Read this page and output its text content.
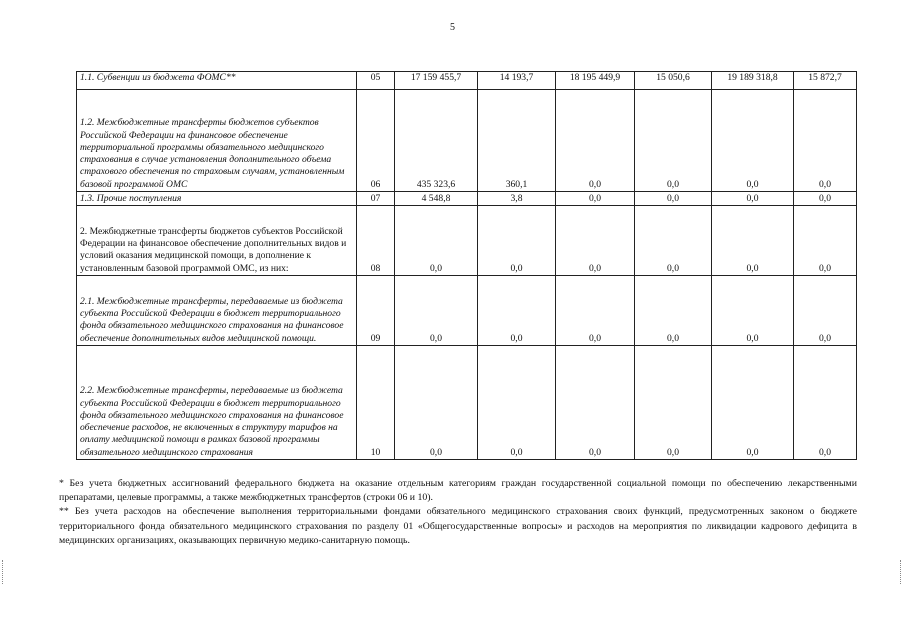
5
1.1. Субвенции из бюджета ФОМС**	05	17 159 455,7	14 193,7	18 195 449,9	15 050,6	19 189 318,8	15 872,7
1.2. Межбюджетные трансферты бюджетов субъектов Российской Федерации на финансовое обеспечение территориальной программы обязательного медицинского страхования в случае установления дополнительного объема страхового обеспечения по страховым случаям, установленным базовой программой ОМС	06	435 323,6	360,1	0,0	0,0	0,0	0,0
1.3. Прочие поступления	07	4 548,8	3,8	0,0	0,0	0,0	0,0
2. Межбюджетные трансферты бюджетов субъектов Российской Федерации на финансовое обеспечение дополнительных видов и условий оказания медицинской помощи, в дополнение к установленным базовой программой ОМС, из них:	08	0,0	0,0	0,0	0,0	0,0	0,0
2.1. Межбюджетные трансферты, передаваемые из бюджета субъекта Российской Федерации в бюджет территориального фонда обязательного медицинского страхования на финансовое обеспечение дополнительных видов медицинской помощи.	09	0,0	0,0	0,0	0,0	0,0	0,0
2.2. Межбюджетные трансферты, передаваемые из бюджета субъекта Российской Федерации в бюджет территориального фонда обязательного медицинского страхования на финансовое обеспечение расходов, не включенных в структуру тарифов на оплату медицинской помощи в рамках базовой программы обязательного медицинского страхования	10	0,0	0,0	0,0	0,0	0,0	0,0

* Без учета бюджетных ассигнований федерального бюджета на оказание отдельным категориям граждан государственной социальной помощи по обеспечению лекарственными препаратами, целевые программы, а также межбюджетных трансфертов (строки 06 и 10).

** Без учета расходов на обеспечение выполнения территориальными фондами обязательного медицинского страхования своих функций, предусмотренных законом о бюджете территориального фонда обязательного медицинского страхования по разделу 01 «Общегосударственные вопросы» и расходов на мероприятия по ликвидации кадрового дефицита в медицинских организациях, оказывающих первичную медико-санитарную помощь.
